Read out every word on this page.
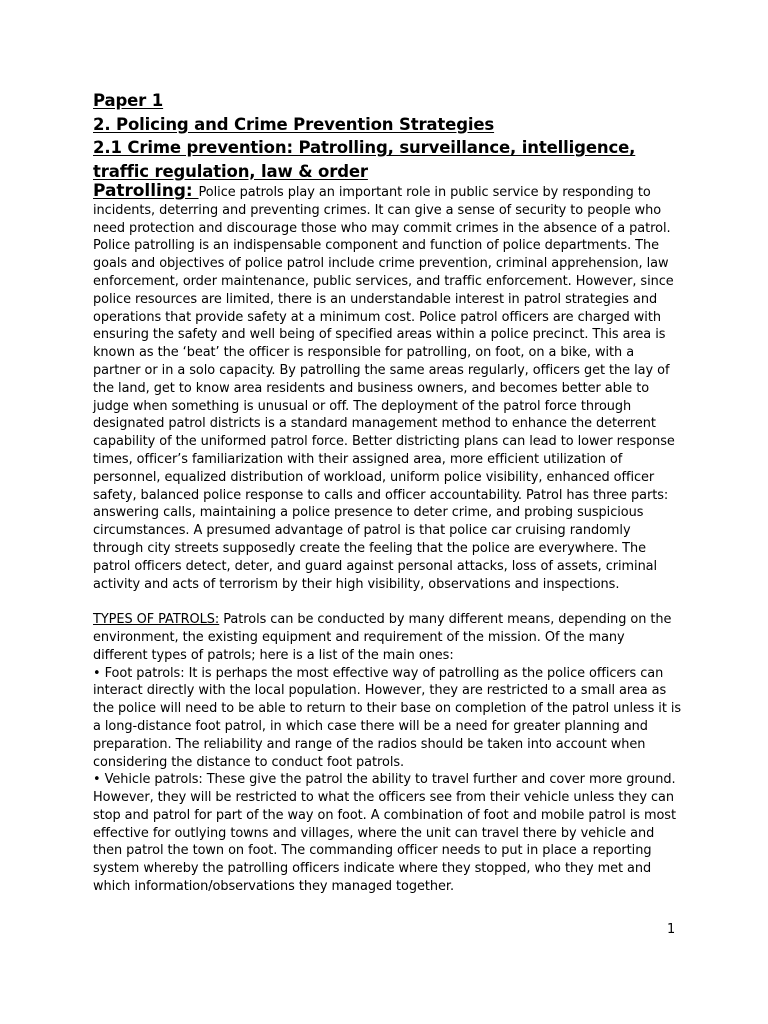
Paper 1

2. Policing and Crime Prevention Strategies

2.1 Crime prevention: Patrolling, surveillance, intelligence, traffic regulation, law & order

Patrolling: Police patrols play an important role in public service by responding to incidents, deterring and preventing crimes. It can give a sense of security to people who need protection and discourage those who may commit crimes in the absence of a patrol. Police patrolling is an indispensable component and function of police departments. The goals and objectives of police patrol include crime prevention, criminal apprehension, law enforcement, order maintenance, public services, and traffic enforcement. However, since police resources are limited, there is an understandable interest in patrol strategies and operations that provide safety at a minimum cost. Police patrol officers are charged with ensuring the safety and well being of specified areas within a police precinct. This area is known as the ‘beat’ the officer is responsible for patrolling, on foot, on a bike, with a partner or in a solo capacity. By patrolling the same areas regularly, officers get the lay of the land, get to know area residents and business owners, and becomes better able to judge when something is unusual or off. The deployment of the patrol force through designated patrol districts is a standard management method to enhance the deterrent capability of the uniformed patrol force. Better districting plans can lead to lower response times, officer’s familiarization with their assigned area, more efficient utilization of personnel, equalized distribution of workload, uniform police visibility, enhanced officer safety, balanced police response to calls and officer accountability. Patrol has three parts: answering calls, maintaining a police presence to deter crime, and probing suspicious circumstances. A presumed advantage of patrol is that police car cruising randomly through city streets supposedly create the feeling that the police are everywhere. The patrol officers detect, deter, and guard against personal attacks, loss of assets, criminal activity and acts of terrorism by their high visibility, observations and inspections.

TYPES OF PATROLS: Patrols can be conducted by many different means, depending on the environment, the existing equipment and requirement of the mission. Of the many different types of patrols; here is a list of the main ones:

• Foot patrols: It is perhaps the most effective way of patrolling as the police officers can interact directly with the local population. However, they are restricted to a small area as the police will need to be able to return to their base on completion of the patrol unless it is a long-distance foot patrol, in which case there will be a need for greater planning and preparation. The reliability and range of the radios should be taken into account when considering the distance to conduct foot patrols.

• Vehicle patrols: These give the patrol the ability to travel further and cover more ground. However, they will be restricted to what the officers see from their vehicle unless they can stop and patrol for part of the way on foot. A combination of foot and mobile patrol is most effective for outlying towns and villages, where the unit can travel there by vehicle and then patrol the town on foot. The commanding officer needs to put in place a reporting system whereby the patrolling officers indicate where they stopped, who they met and which information/observations they managed together.

1
